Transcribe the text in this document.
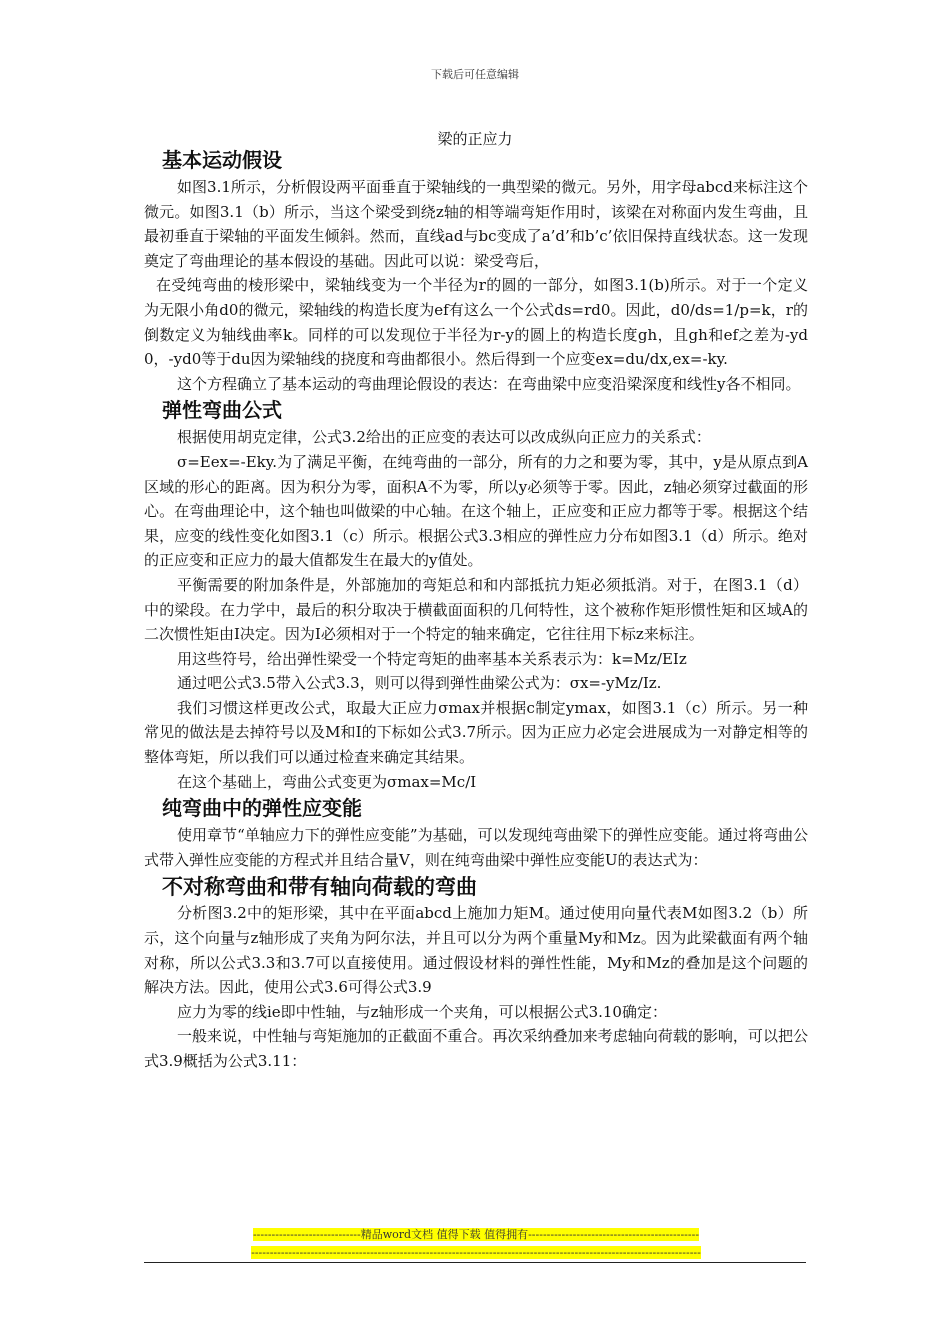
下载后可任意编辑
梁的正应力
基本运动假设

如图3.1所示，分析假设两平面垂直于梁轴线的一典型梁的微元。另外，用字母abcd来标注这个微元。如图3.1（b）所示，当这个梁受到绕z轴的相等端弯矩作用时，该梁在对称面内发生弯曲，且最初垂直于梁轴的平面发生倾斜。然而，直线ad与bc变成了a’d’和b’c’依旧保持直线状态。这一发现奠定了弯曲理论的基本假设的基础。因此可以说：梁受弯后，

在受纯弯曲的棱形梁中，梁轴线变为一个半径为r的圆的一部分，如图3.1(b)所示。对于一个定义为无限小角d0的微元，梁轴线的构造长度为ef有这么一个公式ds=rd0。因此，d0/ds=1/p=k，r的倒数定义为轴线曲率k。同样的可以发现位于半径为r-y的圆上的构造长度gh，且gh和ef之差为-yd0，-yd0等于du因为梁轴线的挠度和弯曲都很小。然后得到一个应变ex=du/dx,ex=-ky.

这个方程确立了基本运动的弯曲理论假设的表达：在弯曲梁中应变沿梁深度和线性y各不相同。

弹性弯曲公式

根据使用胡克定律，公式3.2给出的正应变的表达可以改成纵向正应力的关系式：

σ=Eex=-Eky.为了满足平衡，在纯弯曲的一部分，所有的力之和要为零，其中，y是从原点到A区域的形心的距离。因为积分为零，面积A不为零，所以y必须等于零。因此，z轴必须穿过截面的形心。在弯曲理论中，这个轴也叫做梁的中心轴。在这个轴上，正应变和正应力都等于零。根据这个结果，应变的线性变化如图3.1（c）所示。根据公式3.3相应的弹性应力分布如图3.1（d）所示。绝对的正应变和正应力的最大值都发生在最大的y值处。

平衡需要的附加条件是，外部施加的弯矩总和和内部抵抗力矩必须抵消。对于，在图3.1（d）中的梁段。在力学中，最后的积分取决于横截面面积的几何特性，这个被称作矩形惯性矩和区域A的二次惯性矩由I决定。因为I必须相对于一个特定的轴来确定，它往往用下标z来标注。

用这些符号，给出弹性梁受一个特定弯矩的曲率基本关系表示为：k=Mz/EIz

通过吧公式3.5带入公式3.3，则可以得到弹性曲梁公式为：σx=-yMz/Iz.

我们习惯这样更改公式，取最大正应力σmax并根据c制定ymax，如图3.1（c）所示。另一种常见的做法是去掉符号以及M和I的下标如公式3.7所示。因为正应力必定会进展成为一对静定相等的整体弯矩，所以我们可以通过检查来确定其结果。

在这个基础上，弯曲公式变更为σmax=Mc/I

纯弯曲中的弹性应变能

使用章节“单轴应力下的弹性应变能”为基础，可以发现纯弯曲梁下的弹性应变能。通过将弯曲公式带入弹性应变能的方程式并且结合量V，则在纯弯曲梁中弹性应变能U的表达式为：

不对称弯曲和带有轴向荷载的弯曲

分析图3.2中的矩形梁，其中在平面abcd上施加力矩M。通过使用向量代表M如图3.2（b）所示，这个向量与z轴形成了夹角为阿尔法，并且可以分为两个重量My和Mz。因为此梁截面有两个轴对称，所以公式3.3和3.7可以直接使用。通过假设材料的弹性性能，My和Mz的叠加是这个问题的解决方法。因此，使用公式3.6可得公式3.9

应力为零的线ie即中性轴，与z轴形成一个夹角，可以根据公式3.10确定：

一般来说，中性轴与弯矩施加的正截面不重合。再次采纳叠加来考虑轴向荷载的影响，可以把公式3.9概括为公式3.11：

-----------------------------精品word文档 值得下载 值得拥有----------------------------------------------
-------------------------------------------------------------------------------------------------------------------------
